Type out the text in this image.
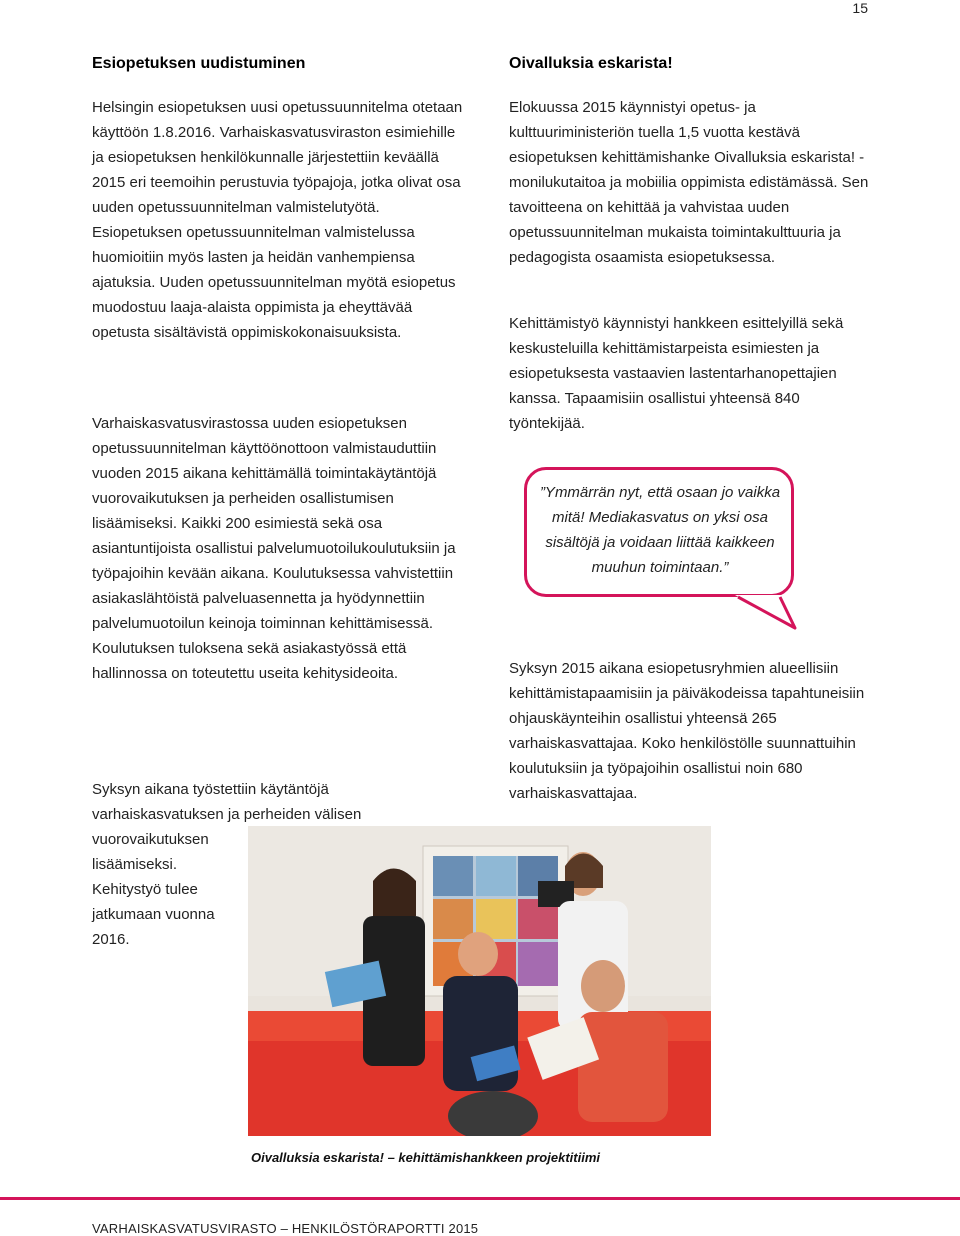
15
Esiopetuksen uudistuminen

Helsingin esiopetuksen uusi opetussuunnitelma otetaan käyttöön 1.8.2016. Varhaiskasvatusviraston esimiehille ja esiopetuksen henkilökunnalle järjestettiin keväällä 2015 eri teemoihin perustuvia työpajoja, jotka olivat osa uuden opetussuunnitelman valmistelutyötä. Esiopetuksen opetussuunnitelman valmistelussa huomioitiin myös lasten ja heidän vanhempiensa ajatuksia. Uuden opetussuunnitelman myötä esiopetus muodostuu laaja-alaista oppimista ja eheyttävää opetusta sisältävistä oppimiskokonaisuuksista.

Varhaiskasvatusvirastossa uuden esiopetuksen opetussuunnitelman käyttöönottoon valmistauduttiin vuoden 2015 aikana kehittämällä toimintakäytäntöjä vuorovaikutuksen ja perheiden osallistumisen lisäämiseksi. Kaikki 200 esimiestä sekä osa asiantuntijoista osallistui palvelumuotoilukoulutuksiin ja työpajoihin kevään aikana. Koulutuksessa vahvistettiin asiakaslähtöistä palveluasennetta ja hyödynnettiin palvelumuotoilun keinoja toiminnan kehittämisessä. Koulutuksen tuloksena sekä asiakastyössä että hallinnossa on toteutettu useita kehitysideoita.

Syksyn aikana työstettiin käytäntöjä
varhaiskasvatuksen ja perheiden välisen
vuorovaikutuksen
lisäämiseksi.
Kehitystyö tulee
jatkumaan vuonna
2016.
Oivalluksia eskarista!

Elokuussa 2015 käynnistyi opetus- ja kulttuuriministeriön tuella 1,5 vuotta kestävä esiopetuksen kehittämishanke Oivalluksia eskarista! - monilukutaitoa ja mobiilia oppimista edistämässä. Sen tavoitteena on kehittää ja vahvistaa uuden opetussuunnitelman mukaista toimintakulttuuria ja pedagogista osaamista esiopetuksessa.

Kehittämistyö käynnistyi hankkeen esittelyillä sekä keskusteluilla kehittämistarpeista esimiesten ja esiopetuksesta vastaavien lastentarhanopettajien kanssa. Tapaamisiin osallistui yhteensä 840 työntekijää.

”Ymmärrän nyt, että osaan jo vaikka mitä! Mediakasvatus on yksi osa sisältöjä ja voidaan liittää kaikkeen muuhun toimintaan.”

Syksyn 2015 aikana esiopetusryhmien alueellisiin kehittämistapaamisiin ja päiväkodeissa tapahtuneisiin ohjauskäynteihin osallistui yhteensä 265 varhaiskasvattajaa. Koko henkilöstölle suunnattuihin koulutuksiin ja työpajoihin osallistui noin 680 varhaiskasvattajaa.

Oivalluksia eskarista! – kehittämishankkeen projektitiimi
VARHAISKASVATUSVIRASTO – HENKILÖSTÖRAPORTTI 2015
